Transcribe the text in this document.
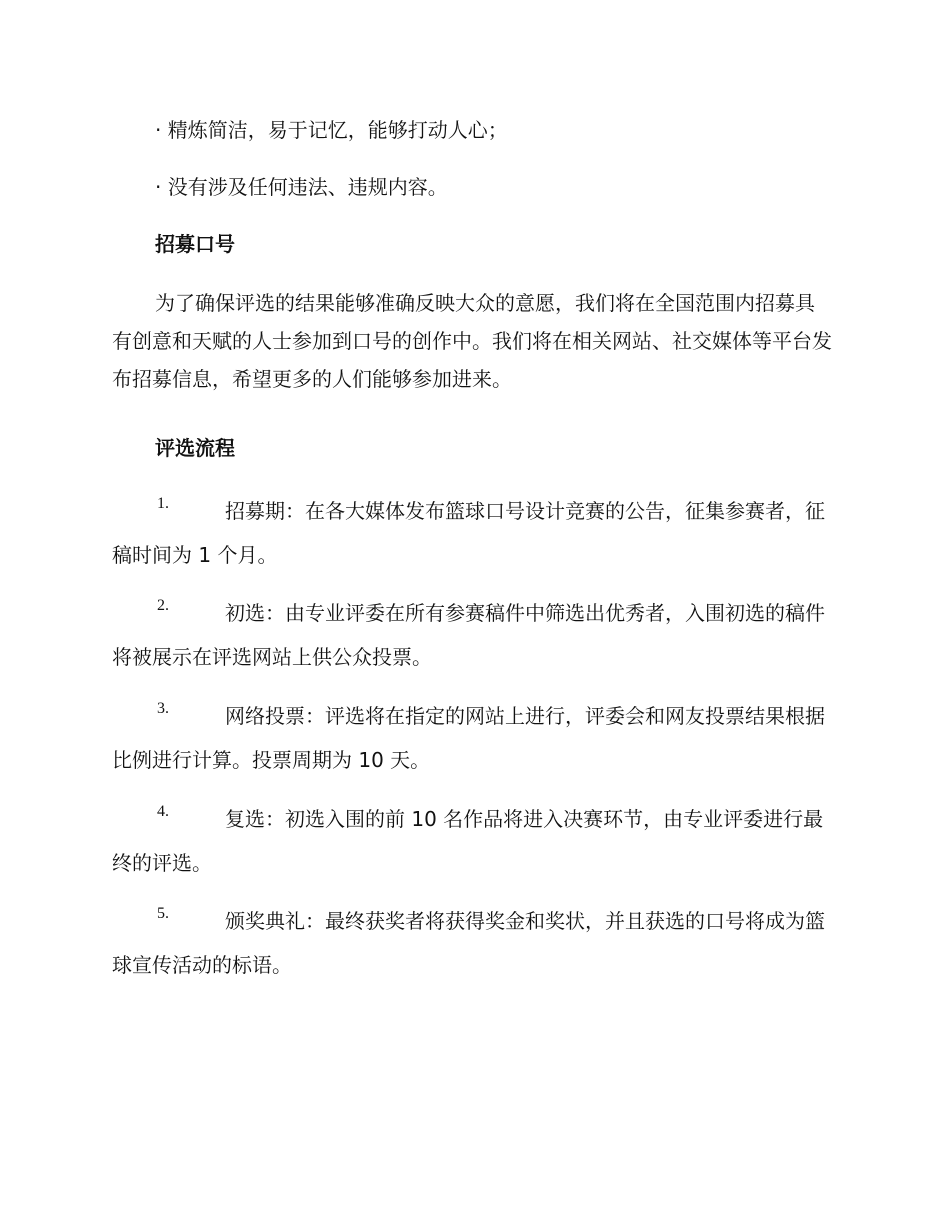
· 精炼简洁，易于记忆，能够打动人心；
· 没有涉及任何违法、违规内容。
招募口号
为了确保评选的结果能够准确反映大众的意愿，我们将在全国范围内招募具有创意和天赋的人士参加到口号的创作中。我们将在相关网站、社交媒体等平台发布招募信息，希望更多的人们能够参加进来。
评选流程
1.	招募期：在各大媒体发布篮球口号设计竞赛的公告，征集参赛者，征稿时间为 1 个月。
2.	初选：由专业评委在所有参赛稿件中筛选出优秀者，入围初选的稿件将被展示在评选网站上供公众投票。
3.	网络投票：评选将在指定的网站上进行，评委会和网友投票结果根据比例进行计算。投票周期为 10 天。
4.	复选：初选入围的前 10 名作品将进入决赛环节，由专业评委进行最终的评选。
5.	颁奖典礼：最终获奖者将获得奖金和奖状，并且获选的口号将成为篮球宣传活动的标语。
